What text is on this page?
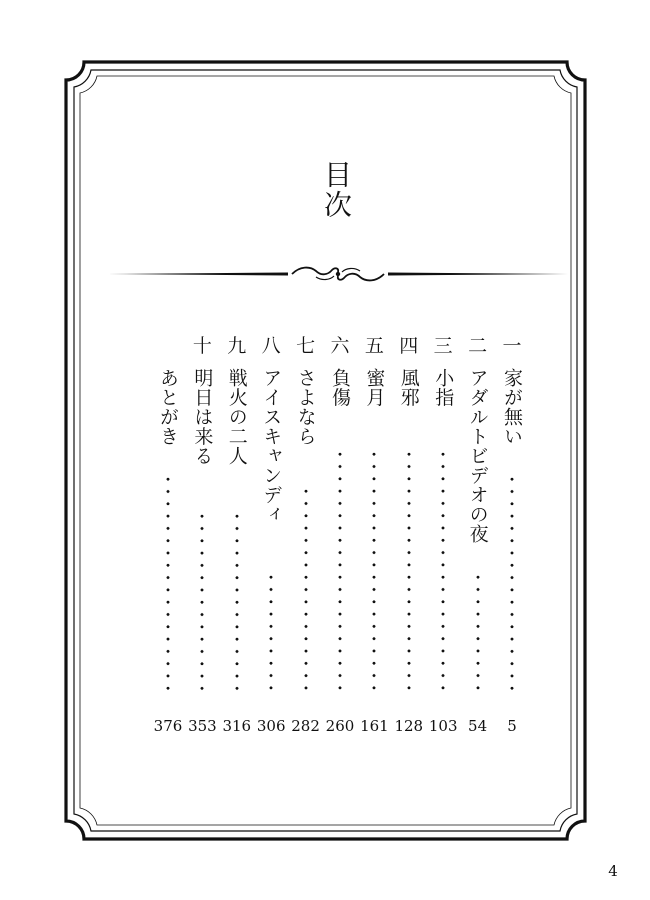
目次
一
家が無い
5
二
アダルトビデオの夜
54
三
小指
103
四
風邪
128
五
蜜月
161
六
負傷
260
七
さよなら
282
八
アイスキャンディ
306
九
戦火の二人
316
十
明日は来る
353
あとがき
376
4
